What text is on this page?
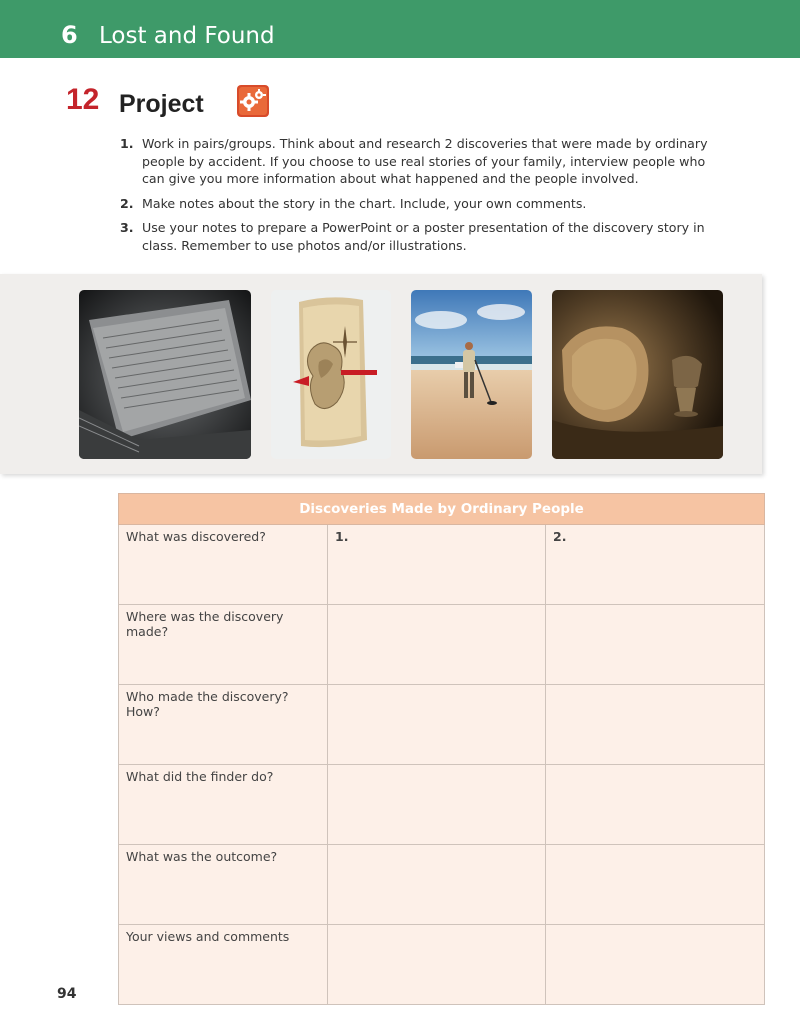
6 Lost and Found
12 Project
1. Work in pairs/groups. Think about and research 2 discoveries that were made by ordinary people by accident. If you choose to use real stories of your family, interview people who can give you more information about what happened and the people involved.
2. Make notes about the story in the chart. Include, your own comments.
3. Use your notes to prepare a PowerPoint or a poster presentation of the discovery story in class. Remember to use photos and/or illustrations.
Discoveries Made by Ordinary People		
What was discovered?	1.	2.
Where was the discovery made?		
Who made the discovery? How?		
What did the finder do?		
What was the outcome?		
Your views and comments		
94
